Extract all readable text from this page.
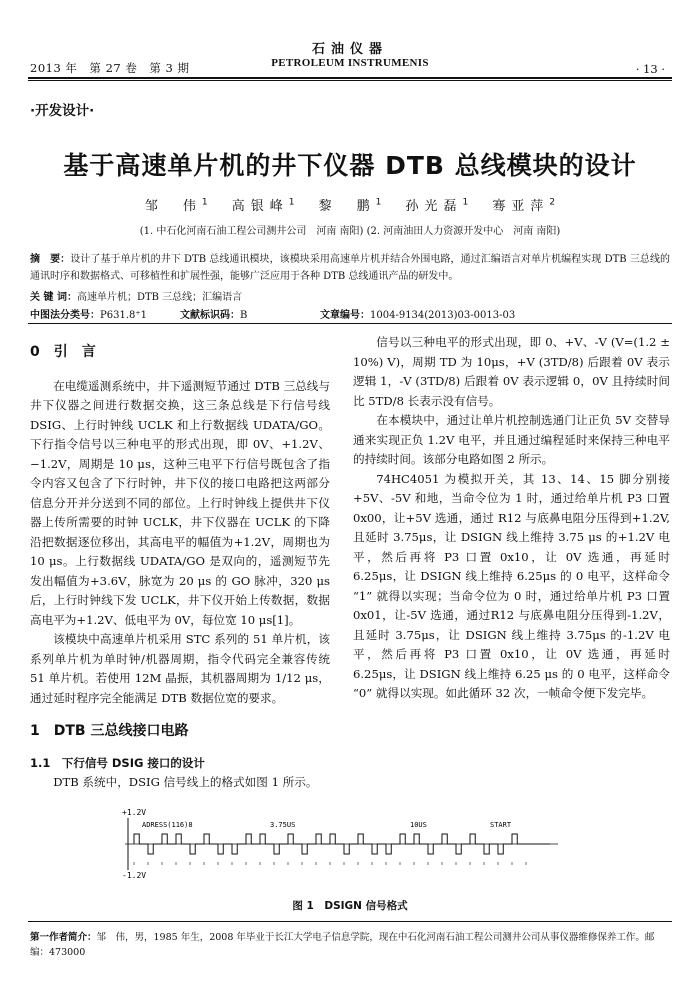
2013 年　第 27 卷　第 3 期
石油仪器
PETROLEUM INSTRUMENIS	· 13 ·
·开发设计·
基于高速单片机的井下仪器 DTB 总线模块的设计
邹　伟$^1$ 高银峰$^1$ 黎　鹏$^1$ 孙光磊$^1$ 骞亚萍$^2$
(1. 中石化河南石油工程公司测井公司　河南 南阳) (2. 河南油田人力资源开发中心　河南 南阳)
摘　要：设计了基于单片机的井下 DTB 总线通讯模块，该模块采用高速单片机并结合外围电路，通过汇编语言对单片机编程实现 DTB 三总线的通讯时序和数据格式、可移植性和扩展性强，能够广泛应用于各种 DTB 总线通讯产品的研发中。
关 键 词：高速单片机；DTB 三总线；汇编语言
中图法分类号：P631.8⁺1	文献标识码：B	文章编号：1004-9134(2013)03-0013-03
0　引　言
在电缆遥测系统中，井下遥测短节通过 DTB 三总线与井下仪器之间进行数据交换，这三条总线是下行信号线 DSIG、上行时钟线 UCLK 和上行数据线 UDATA/GO。下行指令信号以三种电平的形式出现，即 0V、+1.2V、−1.2V，周期是 10 μs，这种三电平下行信号既包含了指令内容又包含了下行时钟，井下仪的接口电路把这两部分信息分开并分送到不同的部位。上行时钟线上提供井下仪器上传所需要的时钟 UCLK，井下仪器在 UCLK 的下降沿把数据逐位移出，其高电平的幅值为+1.2V，周期也为 10 μs。上行数据线 UDATA/GO 是双向的，遥测短节先发出幅值为+3.6V，脉宽为 20 μs 的 GO 脉冲，320 μs 后，上行时钟线下发 UCLK，井下仪开始上传数据，数据高电平为+1.2V、低电平为 0V，每位宽 10 μs[1]。
该模块中高速单片机采用 STC 系列的 51 单片机，该系列单片机为单时钟/机器周期，指令代码完全兼容传统 51 单片机。若使用 12M 晶振，其机器周期为 1/12 μs，通过延时程序完全能满足 DTB 数据位宽的要求。
1　DTB 三总线接口电路
1.1　下行信号 DSIG 接口的设计
DTB 系统中，DSIG 信号线上的格式如图 1 所示。
信号以三种电平的形式出现，即 0、+V、-V (V=(1.2 ± 10%) V)，周期 TD 为 10μs，+V (3TD/8) 后跟着 0V 表示逻辑 1，-V (3TD/8) 后跟着 0V 表示逻辑 0，0V 且持续时间比 5TD/8 长表示没有信号。
在本模块中，通过让单片机控制选通门让正负 5V 交替导通来实现正负 1.2V 电平，并且通过编程延时来保持三种电平的持续时间。该部分电路如图 2 所示。
74HC4051 为模拟开关，其 13、14、15 脚分别接+5V、-5V 和地，当命令位为 1 时，通过给单片机 P3 口置 0x00，让+5V 选通，通过 R12 与底鼻电阻分压得到+1.2V, 且延时 3.75μs，让 DSIGN 线上维持 3.75 μs 的+1.2V 电平，然后再将 P3 口置 0x10，让 0V 选通，再延时 6.25μs，让 DSIGN 线上维持 6.25μs 的 0 电平，这样命令 “1” 就得以实现；当命令位为 0 时，通过给单片机 P3 口置 0x01，让-5V 选通，通过R12 与底鼻电阻分压得到-1.2V，且延时 3.75μs，让 DSIGN 线上维持 3.75μs 的-1.2V 电平，然后再将 P3 口置 0x10，让 0V 选通，再延时 6.25μs，让 DSIGN 线上维持 6.25 μs 的 0 电平，这样命令 “0” 就得以实现。如此循环 32 次，一帧命令便下发完毕。
+1.2V
-1.2V
ADRESS(116)8	3.75US	10US	START
图 1　DSIGN 信号格式
第一作者简介：邹　伟，男，1985 年生，2008 年毕业于长江大学电子信息学院，现在中石化河南石油工程公司测井公司从事仪器维修保养工作。邮编：473000
